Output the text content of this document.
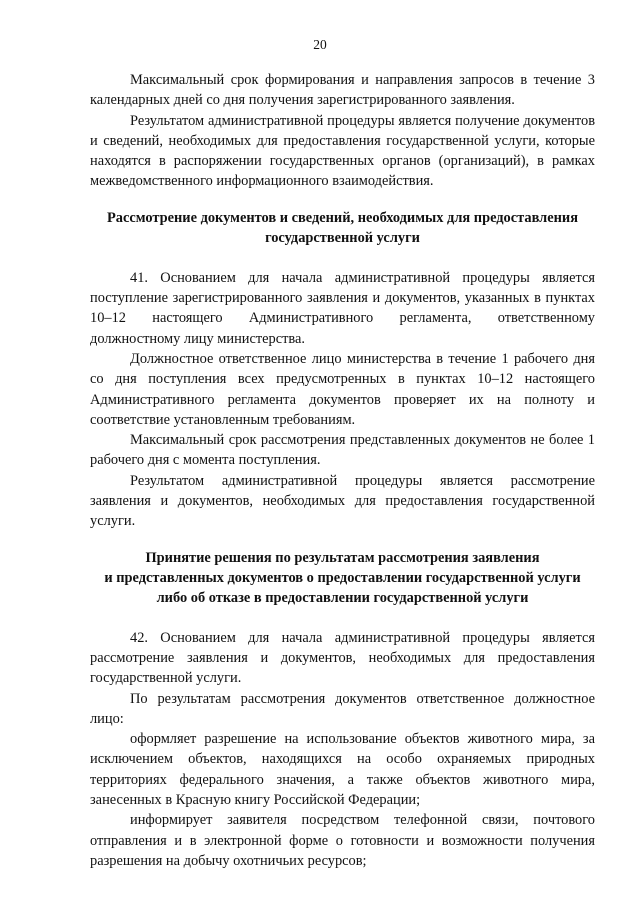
20

Максимальный срок формирования и направления запросов в течение 3 календарных дней со дня получения зарегистрированного заявления.

Результатом административной процедуры является получение документов и сведений, необходимых для предоставления государственной услуги, которые находятся в распоряжении государственных органов (организаций), в рамках межведомственного информационного взаимодействия.

Рассмотрение документов и сведений, необходимых для предоставления
государственной услуги

41. Основанием для начала административной процедуры является поступление зарегистрированного заявления и документов, указанных в пунктах 10–12 настоящего Административного регламента, ответственному должностному лицу министерства.

Должностное ответственное лицо министерства в течение 1 рабочего дня со дня поступления всех предусмотренных в пунктах 10–12 настоящего Административного регламента документов проверяет их на полноту и соответствие установленным требованиям.

Максимальный срок рассмотрения представленных документов не более 1 рабочего дня с момента поступления.

Результатом административной процедуры является рассмотрение заявления и документов, необходимых для предоставления государственной услуги.

Принятие решения по результатам рассмотрения заявления
и представленных документов о предоставлении государственной услуги
либо об отказе в предоставлении государственной услуги

42. Основанием для начала административной процедуры является рассмотрение заявления и документов, необходимых для предоставления государственной услуги.

По результатам рассмотрения документов ответственное должностное лицо:

оформляет разрешение на использование объектов животного мира, за исключением объектов, находящихся на особо охраняемых природных территориях федерального значения, а также объектов животного мира, занесенных в Красную книгу Российской Федерации;

информирует заявителя посредством телефонной связи, почтового отправления и в электронной форме о готовности и возможности получения разрешения на добычу охотничьих ресурсов;
